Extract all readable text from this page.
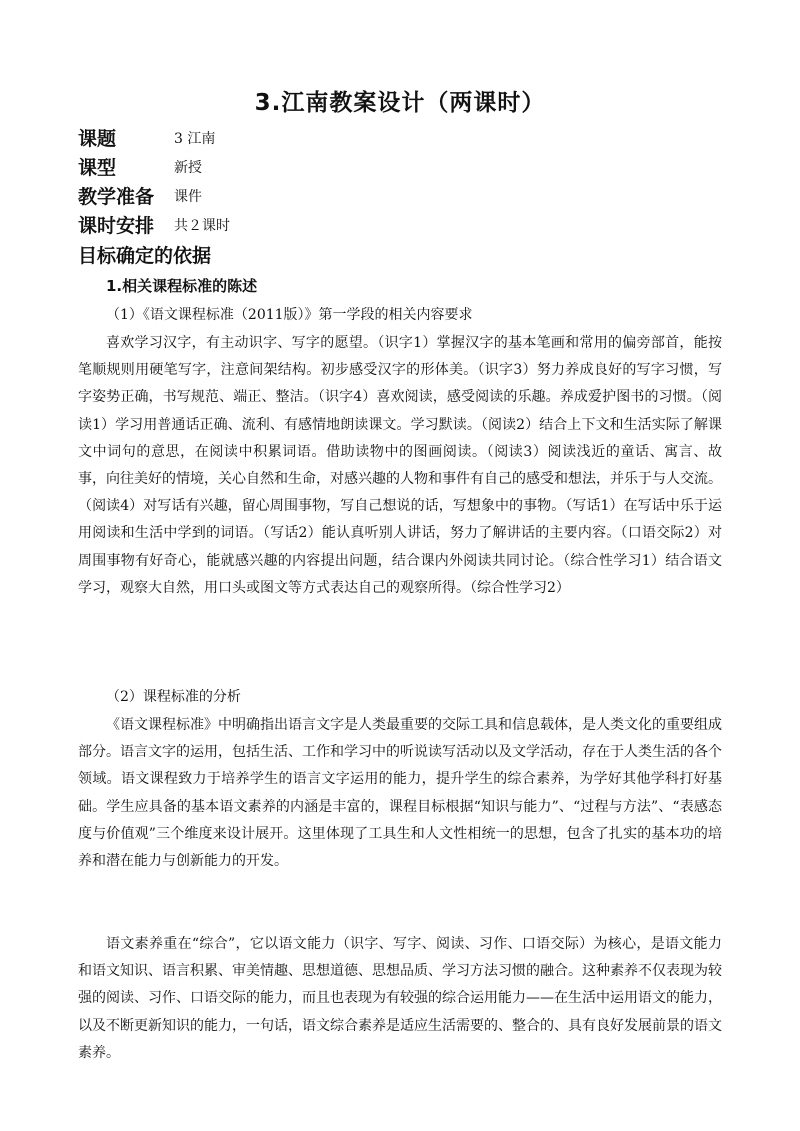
3.江南教案设计（两课时）
课题	3 江南
课型	新授
教学准备 课件
课时安排 共２课时
目标确定的依据
1.相关课程标准的陈述
（1）《语文课程标准（2011版）》第一学段的相关内容要求

喜欢学习汉字，有主动识字、写字的愿望。（识字1）掌握汉字的基本笔画和常用的偏旁部首，能按笔顺规则用硬笔写字，注意间架结构。初步感受汉字的形体美。（识字3）努力养成良好的写字习惯，写字姿势正确，书写规范、端正、整洁。（识字4）喜欢阅读，感受阅读的乐趣。养成爱护图书的习惯。（阅读1）学习用普通话正确、流利、有感情地朗读课文。学习默读。（阅读2）结合上下文和生活实际了解课文中词句的意思，在阅读中积累词语。借助读物中的图画阅读。（阅读3）阅读浅近的童话、寓言、故事，向往美好的情境，关心自然和生命，对感兴趣的人物和事件有自己的感受和想法，并乐于与人交流。（阅读4）对写话有兴趣，留心周围事物，写自己想说的话，写想象中的事物。（写话1）在写话中乐于运用阅读和生活中学到的词语。（写话2）能认真听别人讲话，努力了解讲话的主要内容。（口语交际2）对周围事物有好奇心，能就感兴趣的内容提出问题，结合课内外阅读共同讨论。（综合性学习1）结合语文学习，观察大自然，用口头或图文等方式表达自己的观察所得。（综合性学习2）

（2）课程标准的分析

《语文课程标准》中明确指出语言文字是人类最重要的交际工具和信息载体，是人类文化的重要组成部分。语言文字的运用，包括生活、工作和学习中的听说读写活动以及文学活动，存在于人类生活的各个领域。语文课程致力于培养学生的语言文字运用的能力，提升学生的综合素养，为学好其他学科打好基础。学生应具备的基本语文素养的内涵是丰富的，课程目标根据“知识与能力”、“过程与方法”、“表感态度与价值观”三个维度来设计展开。这里体现了工具生和人文性相统一的思想，包含了扎实的基本功的培养和潜在能力与创新能力的开发。

语文素养重在“综合”，它以语文能力（识字、写字、阅读、习作、口语交际）为核心，是语文能力和语文知识、语言积累、审美情趣、思想道德、思想品质、学习方法习惯的融合。这种素养不仅表现为较强的阅读、习作、口语交际的能力，而且也表现为有较强的综合运用能力——在生活中运用语文的能力，以及不断更新知识的能力，一句话，语文综合素养是适应生活需要的、整合的、具有良好发展前景的语文素养。
